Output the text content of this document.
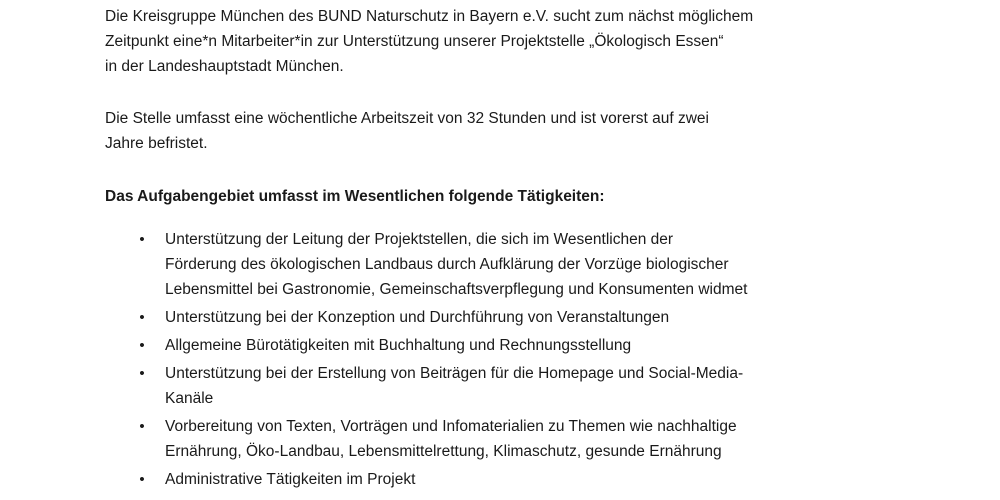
Die Kreisgruppe München des BUND Naturschutz in Bayern e.V. sucht zum nächst möglichem
Zeitpunkt eine*n Mitarbeiter*in zur Unterstützung unserer Projektstelle „Ökologisch Essen“
in der Landeshauptstadt München.

Die Stelle umfasst eine wöchentliche Arbeitszeit von 32 Stunden und ist vorerst auf zwei
Jahre befristet.

Das Aufgabengebiet umfasst im Wesentlichen folgende Tätigkeiten:
• Unterstützung der Leitung der Projektstellen, die sich im Wesentlichen der
Förderung des ökologischen Landbaus durch Aufklärung der Vorzüge biologischer
Lebensmittel bei Gastronomie, Gemeinschaftsverpflegung und Konsumenten widmet
• Unterstützung bei der Konzeption und Durchführung von Veranstaltungen
• Allgemeine Bürotätigkeiten mit Buchhaltung und Rechnungsstellung
• Unterstützung bei der Erstellung von Beiträgen für die Homepage und Social-Media-
Kanäle
• Vorbereitung von Texten, Vorträgen und Infomaterialien zu Themen wie nachhaltige
Ernährung, Öko-Landbau, Lebensmittelrettung, Klimaschutz, gesunde Ernährung
• Administrative Tätigkeiten im Projekt
